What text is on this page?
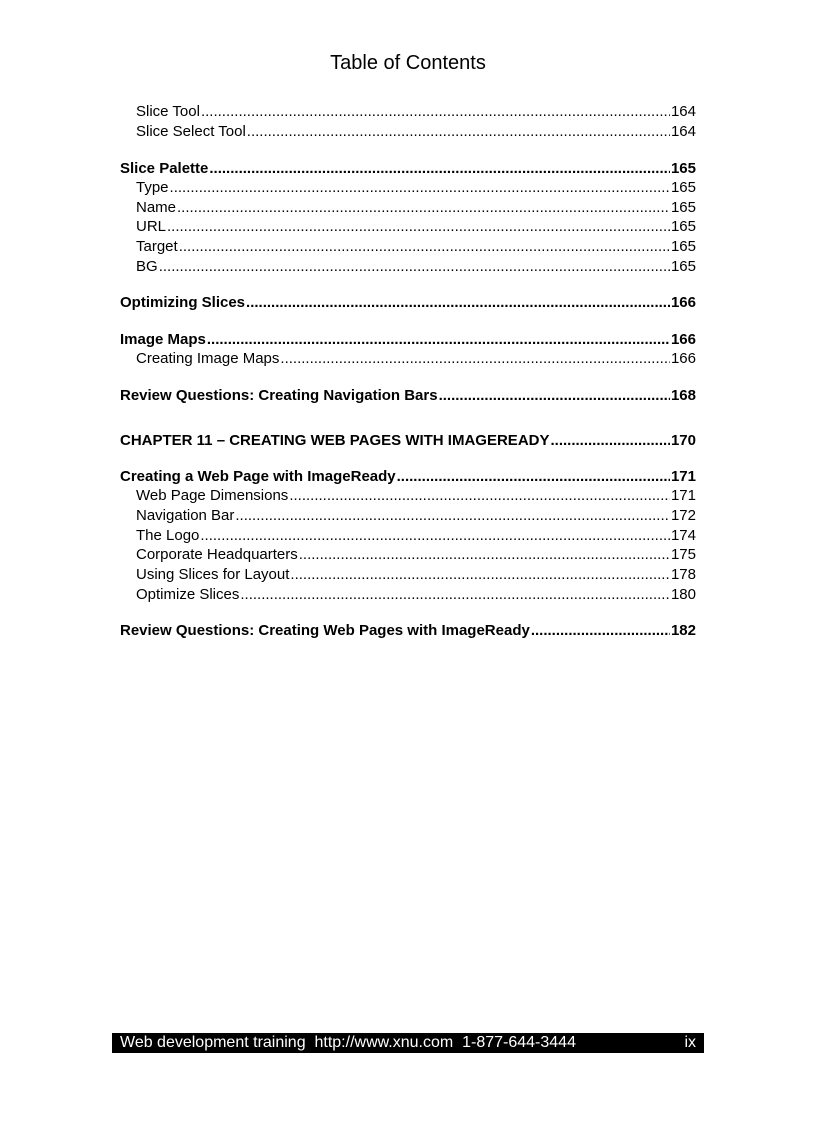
Table of Contents
Slice Tool .....	164
Slice Select Tool .....	164
Slice Palette .....	165
Type .....	165
Name .....	165
URL .....	165
Target .....	165
BG .....	165
Optimizing Slices .....	166
Image Maps .....	166
Creating Image Maps .....	166
Review Questions: Creating Navigation Bars .....	168
CHAPTER 11 – CREATING WEB PAGES WITH IMAGEREADY .....	170
Creating a Web Page with ImageReady .....	171
Web Page Dimensions .....	171
Navigation Bar .....	172
The Logo .....	174
Corporate Headquarters .....	175
Using Slices for Layout .....	178
Optimize Slices .....	180
Review Questions: Creating Web Pages with ImageReady .....	182
Web development training  http://www.xnu.com  1-877-644-3444	ix
